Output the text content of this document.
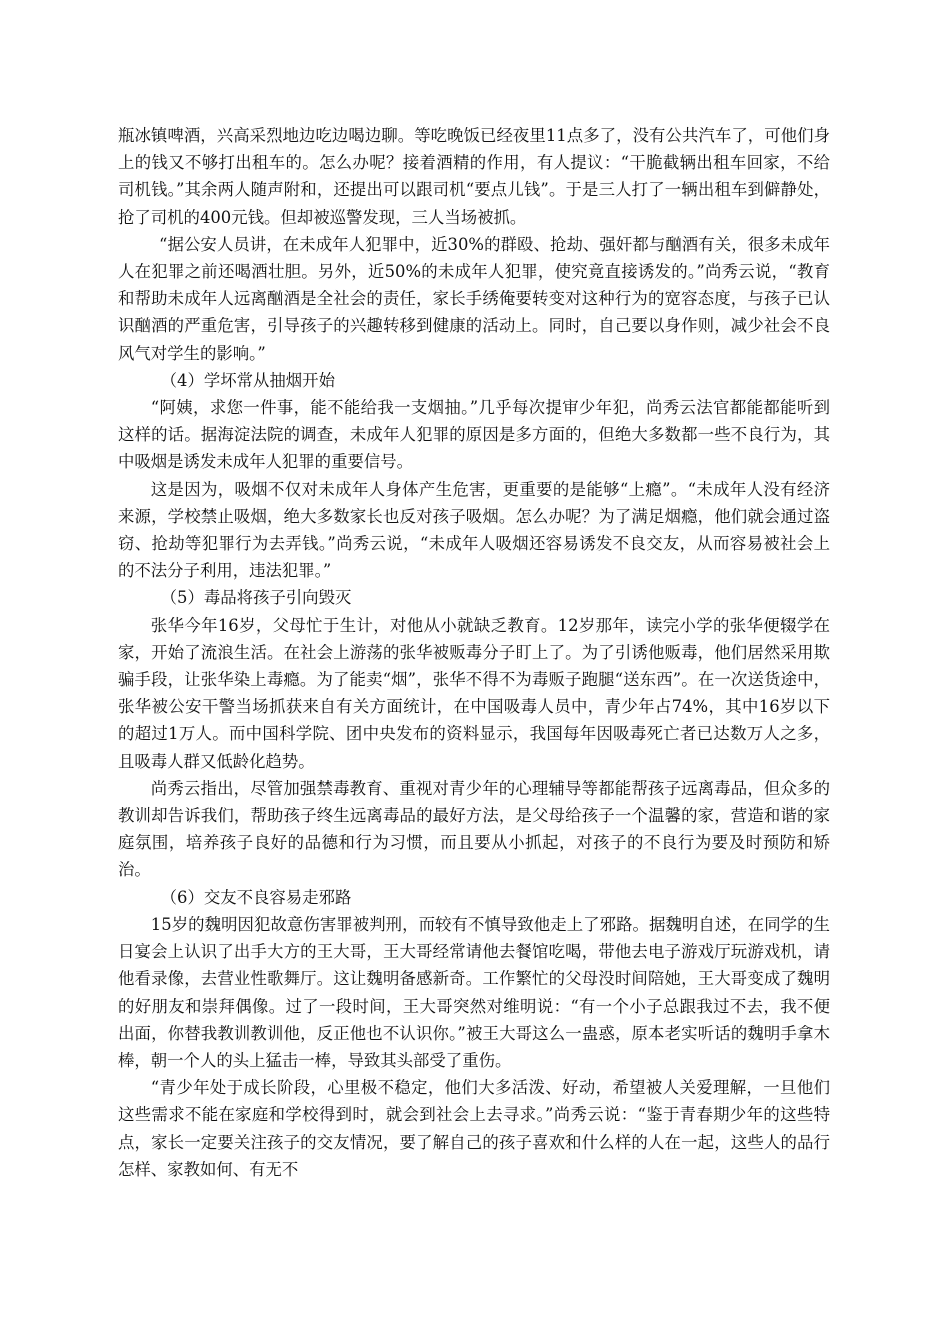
瓶冰镇啤酒，兴高采烈地边吃边喝边聊。等吃晚饭已经夜里11点多了，没有公共汽车了，可他们身上的钱又不够打出租车的。怎么办呢？接着酒精的作用，有人提议：“干脆截辆出租车回家，不给司机钱。”其余两人随声附和，还提出可以跟司机“要点儿钱”。于是三人打了一辆出租车到僻静处，抢了司机的400元钱。但却被巡警发现，三人当场被抓。

“据公安人员讲，在未成年人犯罪中，近30%的群殴、抢劫、强奸都与酗酒有关，很多未成年人在犯罪之前还喝酒壮胆。另外，近50%的未成年人犯罪，使究竟直接诱发的。”尚秀云说，“教育和帮助未成年人远离酗酒是全社会的责任，家长手绣俺要转变对这种行为的宽容态度，与孩子已认识酗酒的严重危害，引导孩子的兴趣转移到健康的活动上。同时，自己要以身作则，减少社会不良风气对学生的影响。”

（4）学坏常从抽烟开始

“阿姨，求您一件事，能不能给我一支烟抽。”几乎每次提审少年犯，尚秀云法官都能都能听到这样的话。据海淀法院的调查，未成年人犯罪的原因是多方面的，但绝大多数都一些不良行为，其中吸烟是诱发未成年人犯罪的重要信号。

这是因为，吸烟不仅对未成年人身体产生危害，更重要的是能够“上瘾”。“未成年人没有经济来源，学校禁止吸烟，绝大多数家长也反对孩子吸烟。怎么办呢？为了满足烟瘾，他们就会通过盗窃、抢劫等犯罪行为去弄钱。”尚秀云说，“未成年人吸烟还容易诱发不良交友，从而容易被社会上的不法分子利用，违法犯罪。”

（5）毒品将孩子引向毁灭

张华今年16岁，父母忙于生计，对他从小就缺乏教育。12岁那年，读完小学的张华便辍学在家，开始了流浪生活。在社会上游荡的张华被贩毒分子盯上了。为了引诱他贩毒，他们居然采用欺骗手段，让张华染上毒瘾。为了能卖“烟”，张华不得不为毒贩子跑腿“送东西”。在一次送货途中，张华被公安干警当场抓获来自有关方面统计，在中国吸毒人员中，青少年占74%，其中16岁以下的超过1万人。而中国科学院、团中央发布的资料显示，我国每年因吸毒死亡者已达数万人之多，且吸毒人群又低龄化趋势。

尚秀云指出，尽管加强禁毒教育、重视对青少年的心理辅导等都能帮孩子远离毒品，但众多的教训却告诉我们，帮助孩子终生远离毒品的最好方法，是父母给孩子一个温馨的家，营造和谐的家庭氛围，培养孩子良好的品德和行为习惯，而且要从小抓起，对孩子的不良行为要及时预防和矫治。

（6）交友不良容易走邪路

15岁的魏明因犯故意伤害罪被判刑，而较有不慎导致他走上了邪路。据魏明自述，在同学的生日宴会上认识了出手大方的王大哥，王大哥经常请他去餐馆吃喝，带他去电子游戏厅玩游戏机，请他看录像，去营业性歌舞厅。这让魏明备感新奇。工作繁忙的父母没时间陪她，王大哥变成了魏明的好朋友和崇拜偶像。过了一段时间，王大哥突然对维明说：“有一个小子总跟我过不去，我不便出面，你替我教训教训他，反正他也不认识你。”被王大哥这么一蛊惑，原本老实听话的魏明手拿木棒，朝一个人的头上猛击一棒，导致其头部受了重伤。

“青少年处于成长阶段，心里极不稳定，他们大多活泼、好动，希望被人关爱理解，一旦他们这些需求不能在家庭和学校得到时，就会到社会上去寻求。”尚秀云说：“鉴于青春期少年的这些特点，家长一定要关注孩子的交友情况，要了解自己的孩子喜欢和什么样的人在一起，这些人的品行怎样、家教如何、有无不
